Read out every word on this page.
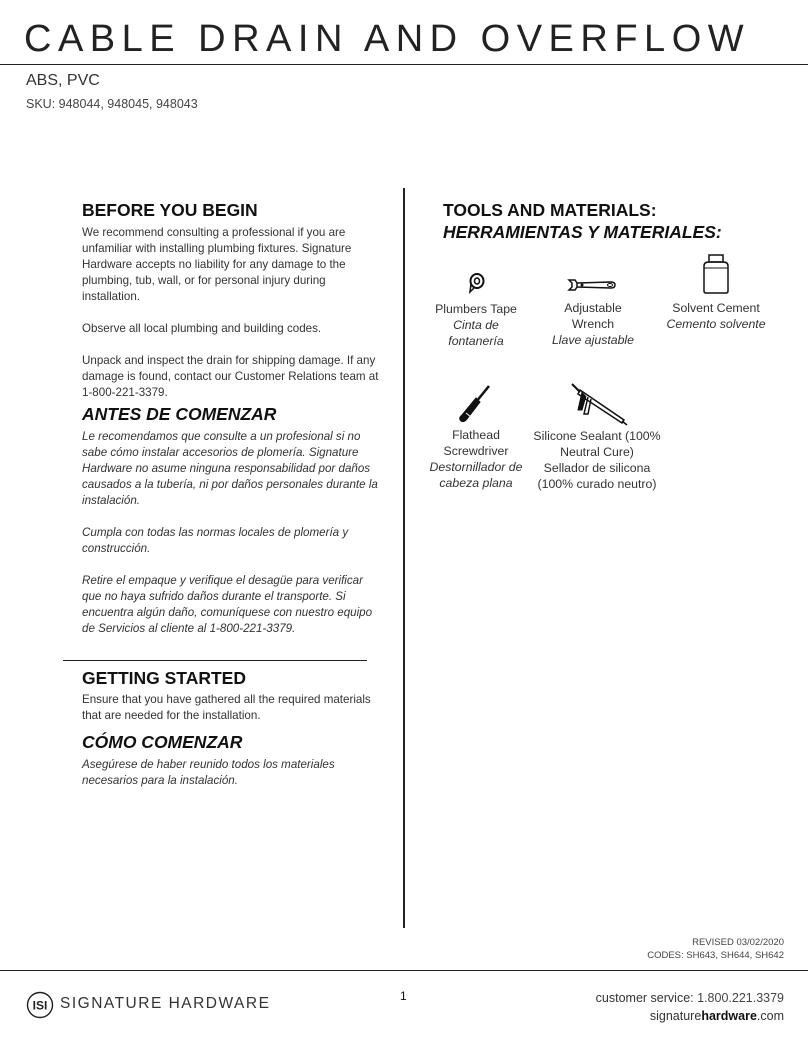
CABLE DRAIN AND OVERFLOW
ABS, PVC
SKU: 948044, 948045, 948043
BEFORE YOU BEGIN

We recommend consulting a professional if you are unfamiliar with installing plumbing fixtures. Signature Hardware accepts no liability for any damage to the plumbing, tub, wall, or for personal injury during installation.

Observe all local plumbing and building codes.

Unpack and inspect the drain for shipping damage. If any damage is found, contact our Customer Relations team at 1-800-221-3379.

ANTES DE COMENZAR

Le recomendamos que consulte a un profesional si no sabe cómo instalar accesorios de plomería. Signature Hardware no asume ninguna responsabilidad por daños causados a la tubería, ni por daños personales durante la instalación.

Cumpla con todas las normas locales de plomería y construcción.

Retire el empaque y verifique el desagüe para verificar que no haya sufrido daños durante el transporte. Si encuentra algún daño, comuníquese con nuestro equipo de Servicios al cliente al 1-800-221-3379.

GETTING STARTED

Ensure that you have gathered all the required materials that are needed for the installation.

CÓMO COMENZAR

Asegúrese de haber reunido todos los materiales necesarios para la instalación.

TOOLS AND MATERIALS:
HERRAMIENTAS Y MATERIALES:
Plumbers Tape
Cinta de fontanería
Adjustable Wrench
Llave ajustable
Solvent Cement
Cemento solvente
Flathead Screwdriver
Destornillador de cabeza plana
Silicone Sealant (100% Neutral Cure)
Sellador de silicona (100% curado neutro)
REVISED 03/02/2020
CODES: SH643, SH644, SH642
ISI SIGNATURE HARDWARE	1	customer service: 1.800.221.3379
signaturehardware.com
